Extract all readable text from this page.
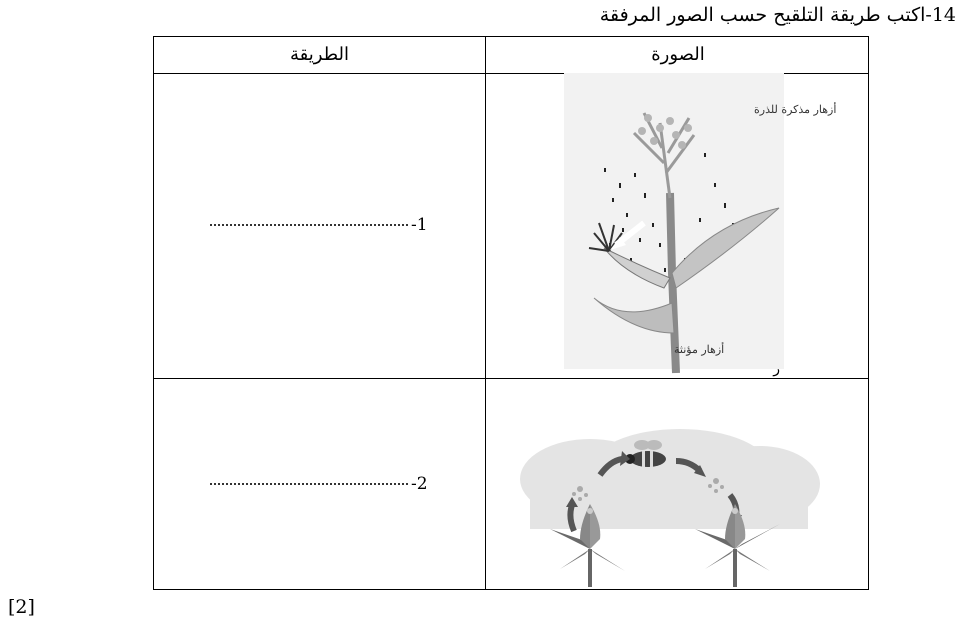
14-اكتب طريقة التلقيح حسب الصور المرفقة
الطريقة	الصورة
-1
-2
أزهار مذكرة للذرة
أزهار مؤنثة
ر
[2]
